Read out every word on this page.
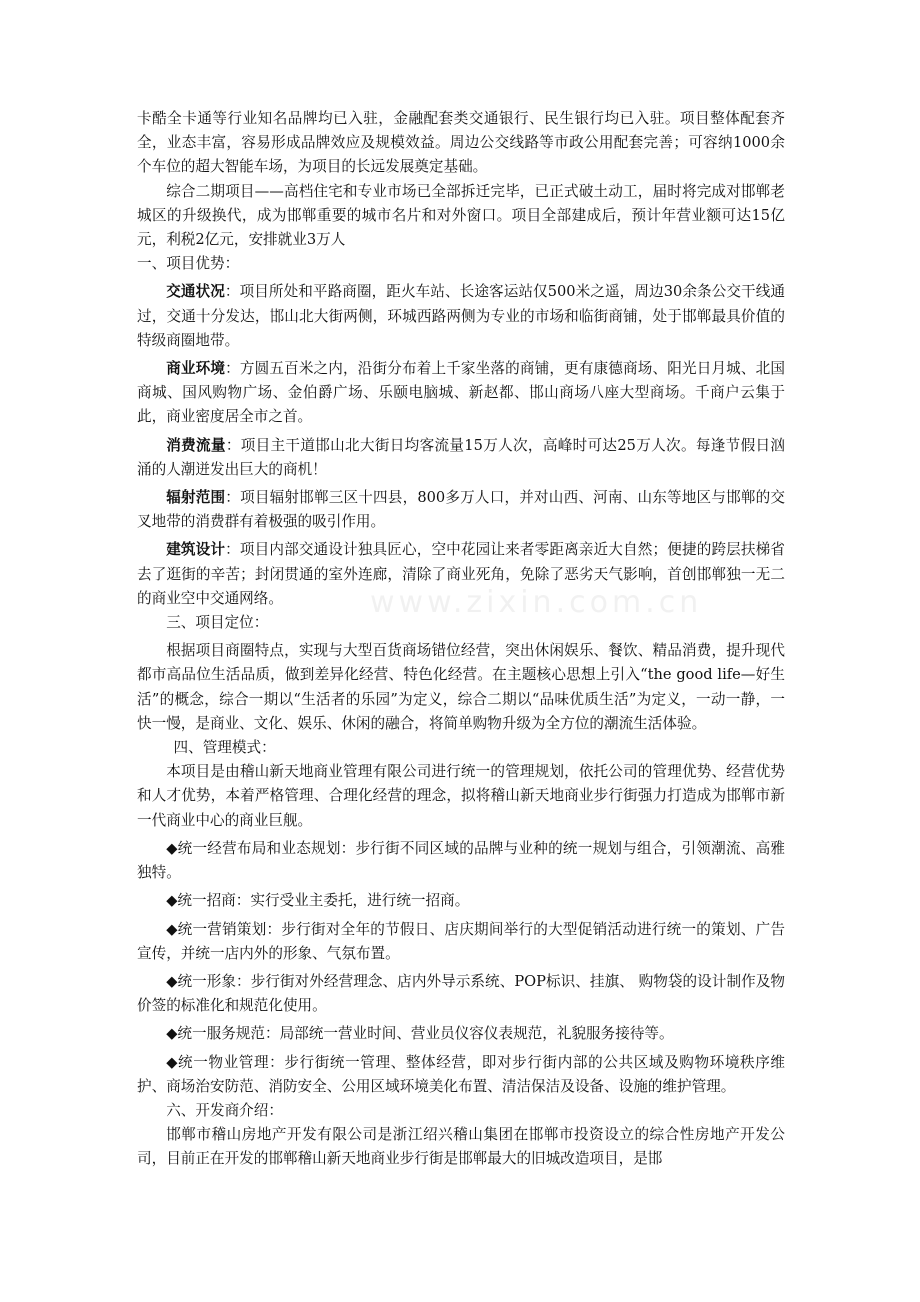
卡酷全卡通等行业知名品牌均已入驻，金融配套类交通银行、民生银行均已入驻。项目整体配套齐全，业态丰富，容易形成品牌效应及规模效益。周边公交线路等市政公用配套完善；可容纳1000余个车位的超大智能车场，为项目的长远发展奠定基础。

综合二期项目——高档住宅和专业市场已全部拆迁完毕，已正式破土动工，届时将完成对邯郸老城区的升级换代，成为邯郸重要的城市名片和对外窗口。项目全部建成后，预计年营业额可达15亿元，利税2亿元，安排就业3万人

一、项目优势：

交通状况：项目所处和平路商圈，距火车站、长途客运站仅500米之遥，周边30余条公交干线通过，交通十分发达，邯山北大街两侧，环城西路两侧为专业的市场和临街商铺，处于邯郸最具价值的特级商圈地带。

商业环境：方圆五百米之内，沿街分布着上千家坐落的商铺，更有康德商场、阳光日月城、北国商城、国风购物广场、金伯爵广场、乐颐电脑城、新赵都、邯山商场八座大型商场。千商户云集于此，商业密度居全市之首。

消费流量：项目主干道邯山北大街日均客流量15万人次，高峰时可达25万人次。每逢节假日汹涌的人潮迸发出巨大的商机！

辐射范围：项目辐射邯郸三区十四县，800多万人口，并对山西、河南、山东等地区与邯郸的交叉地带的消费群有着极强的吸引作用。

建筑设计：项目内部交通设计独具匠心，空中花园让来者零距离亲近大自然；便捷的跨层扶梯省去了逛街的辛苦；封闭贯通的室外连廊，清除了商业死角，免除了恶劣天气影响，首创邯郸独一无二的商业空中交通网络。

三、项目定位：

根据项目商圈特点，实现与大型百货商场错位经营，突出休闲娱乐、餐饮、精品消费，提升现代都市高品位生活品质，做到差异化经营、特色化经营。在主题核心思想上引入“the good life—好生活”的概念，综合一期以“生活者的乐园”为定义，综合二期以“品味优质生活”为定义，一动一静，一快一慢，是商业、文化、娱乐、休闲的融合，将简单购物升级为全方位的潮流生活体验。

四、管理模式：

本项目是由稽山新天地商业管理有限公司进行统一的管理规划，依托公司的管理优势、经营优势和人才优势，本着严格管理、合理化经营的理念，拟将稽山新天地商业步行街强力打造成为邯郸市新一代商业中心的商业巨舰。

◆统一经营布局和业态规划：步行街不同区域的品牌与业种的统一规划与组合，引领潮流、高雅独特。

◆统一招商：实行受业主委托，进行统一招商。

◆统一营销策划：步行街对全年的节假日、店庆期间举行的大型促销活动进行统一的策划、广告宣传，并统一店内外的形象、气氛布置。

◆统一形象：步行街对外经营理念、店内外导示系统、POP标识、挂旗、 购物袋的设计制作及物价签的标准化和规范化使用。

◆统一服务规范：局部统一营业时间、营业员仪容仪表规范，礼貌服务接待等。

◆统一物业管理：步行街统一管理、整体经营，即对步行街内部的公共区域及购物环境秩序维护、商场治安防范、消防安全、公用区域环境美化布置、清洁保洁及设备、设施的维护管理。

六、开发商介绍：

邯郸市稽山房地产开发有限公司是浙江绍兴稽山集团在邯郸市投资设立的综合性房地产开发公司，目前正在开发的邯郸稽山新天地商业步行街是邯郸最大的旧城改造项目，是邯

www.zixin.com.cn
